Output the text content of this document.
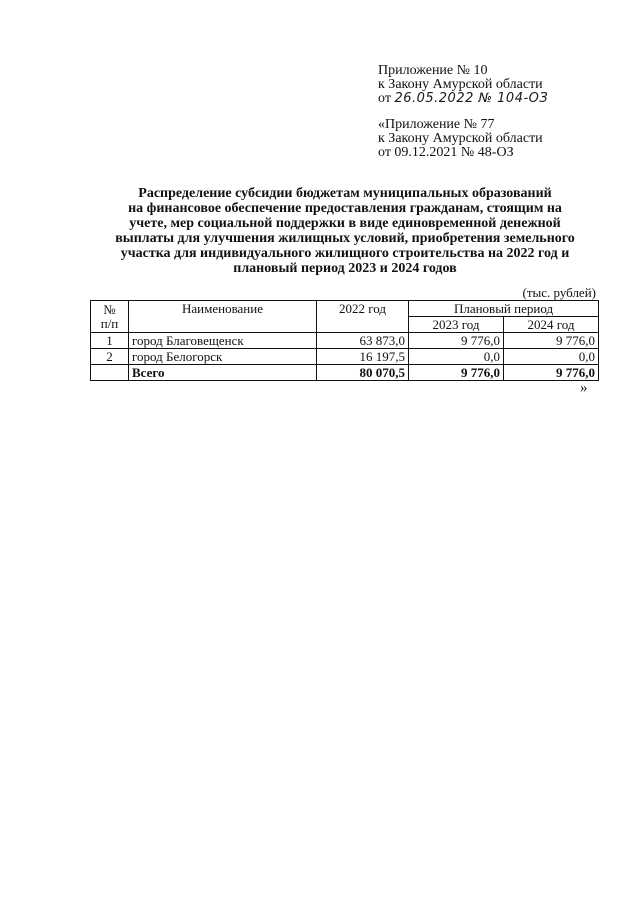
Приложение № 10
к Закону Амурской области
от 26.05.2022 № 104-ОЗ
«Приложение № 77
к Закону Амурской области
от 09.12.2021 № 48-ОЗ
Распределение субсидии бюджетам муниципальных образований
на финансовое обеспечение предоставления гражданам, стоящим на
учете, мер социальной поддержки в виде единовременной денежной
выплаты для улучшения жилищных условий, приобретения земельного
участка для индивидуального жилищного строительства на 2022 год и
плановый период 2023 и 2024 годов
(тыс. рублей)
№
п/п	Наименование	2022 год	Плановый период	
			2023 год	2024 год
1	город Благовещенск	63 873,0	9 776,0	9 776,0
2	город Белогорск	16 197,5	0,0	0,0
	Всего	80 070,5	9 776,0	9 776,0
»
